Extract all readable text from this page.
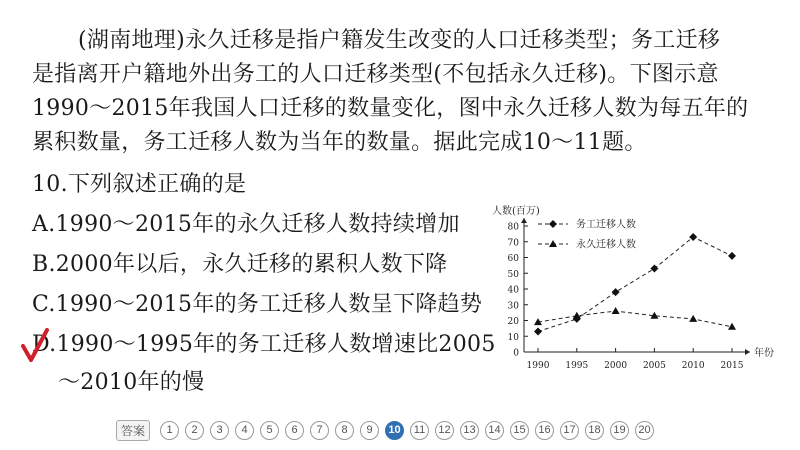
(湖南地理)永久迁移是指户籍发生改变的人口迁移类型；务工迁移
是指离开户籍地外出务工的人口迁移类型(不包括永久迁移)。下图示意
1990～2015年我国人口迁移的数量变化，图中永久迁移人数为每五年的
累积数量，务工迁移人数为当年的数量。据此完成10～11题。
10.下列叙述正确的是
A.1990～2015年的永久迁移人数持续增加
B.2000年以后，永久迁移的累积人数下降
C.1990～2015年的务工迁移人数呈下降趋势
D.1990～1995年的务工迁移人数增速比2005
～2010年的慢
0
10
20
30
40
50
60
70
80
1990 1995 2000 2005 2010 2015
人数(百万)
年份
务工迁移人数
永久迁移人数
答案	1	2	3	4	5	6	7	8	9	10	11	12	13	14	15	16	17	18	19	20
